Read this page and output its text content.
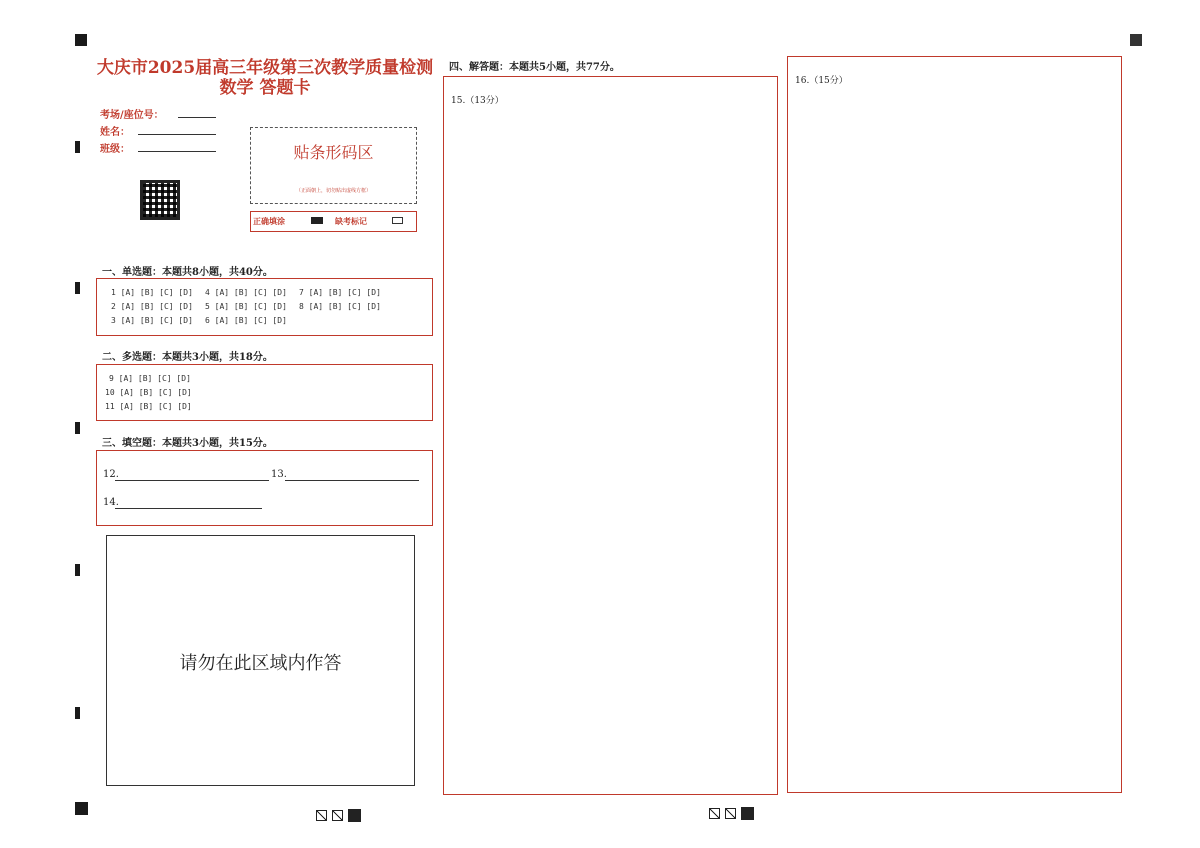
大庆市2025届高三年级第三次教学质量检测
数学 答题卡
考场/座位号：
姓名：
班级：	贴条形码区
（正面朝上，切勿贴出虚线方框）
正确填涂	缺考标记
一、单选题：本题共8小题，共40分。
1 [A] [B] [C] [D] 4 [A] [B] [C] [D] 7 [A] [B] [C] [D]
2 [A] [B] [C] [D] 5 [A] [B] [C] [D] 8 [A] [B] [C] [D]
3 [A] [B] [C] [D] 6 [A] [B] [C] [D]
二、多选题：本题共3小题，共18分。
9 [A] [B] [C] [D]
10 [A] [B] [C] [D]
11 [A] [B] [C] [D]
三、填空题：本题共3小题，共15分。
12.	13.
14.
请勿在此区域内作答
四、解答题：本题共5小题，共77分。
15.（13分）
16.（15分）
